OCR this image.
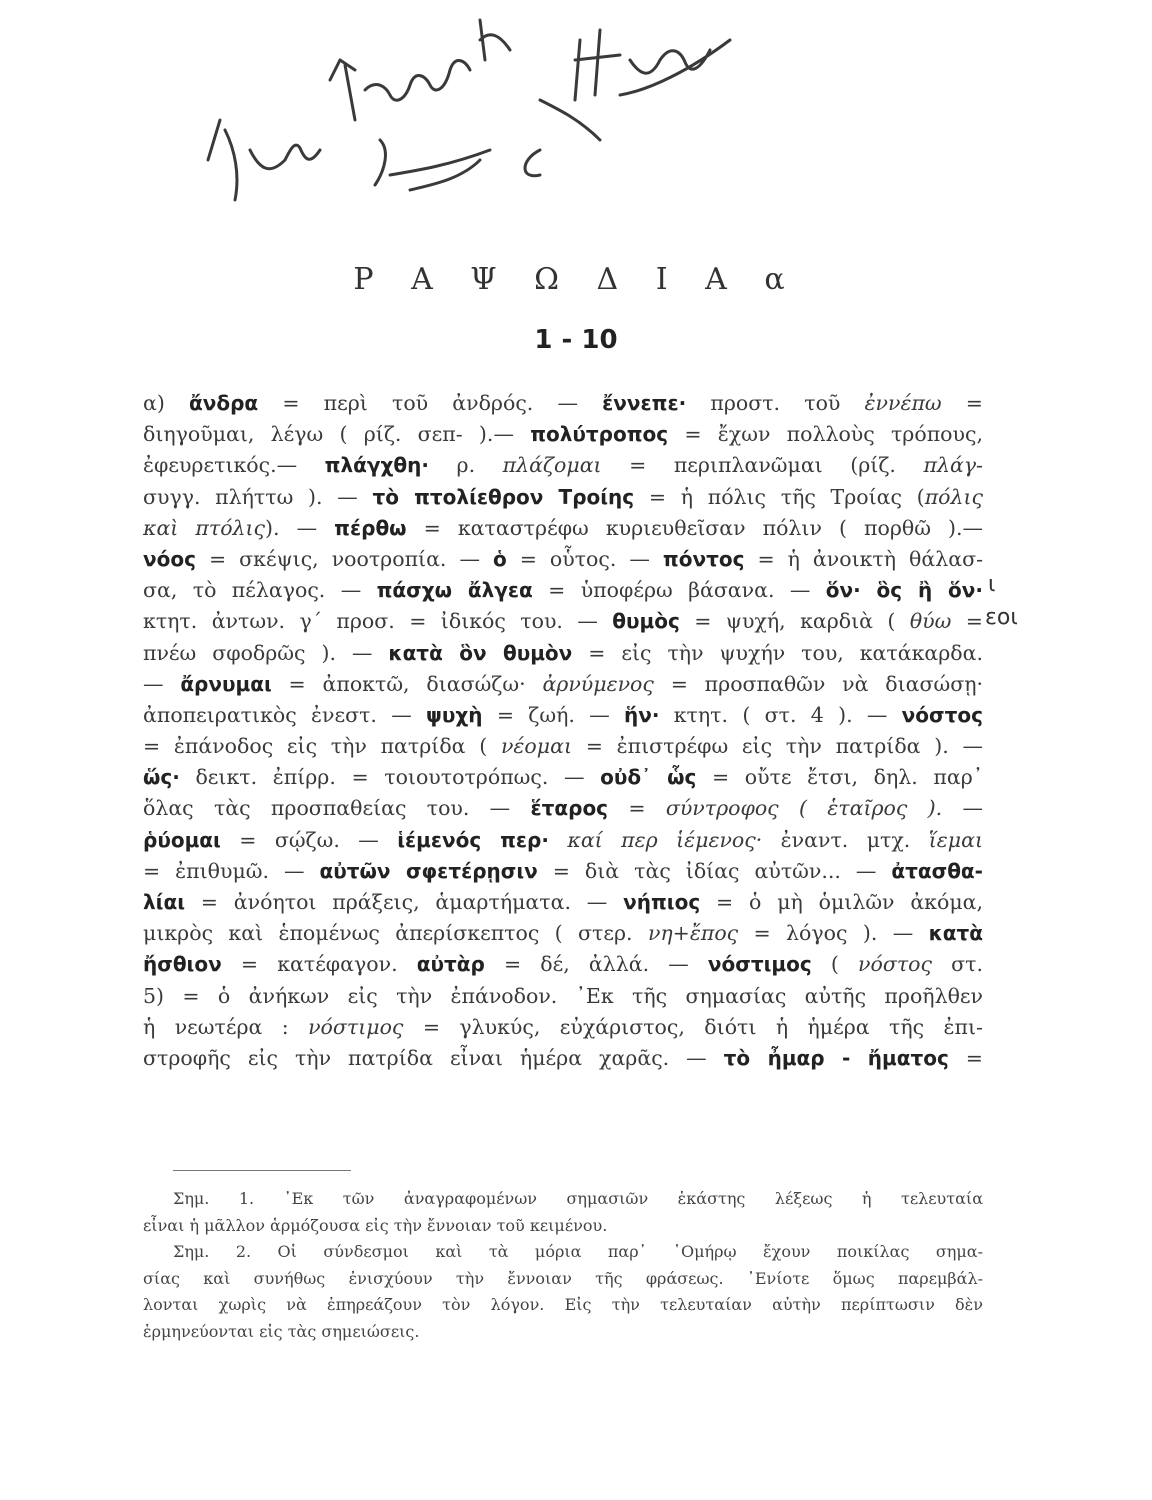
Ρ Α Ψ Ω Δ Ι Α α
1 - 10
α) ἄνδρα = περὶ τοῦ ἀνδρός. — ἔννεπε· προστ. τοῦ ἐννέπω =
διηγοῦμαι, λέγω ( ρίζ. σεπ- ).— πολύτροπος = ἔχων πολλοὺς τρόπους,
ἐφευρετικός.— πλάγχθη· ρ. πλάζομαι = περιπλανῶμαι (ρίζ. πλάγ-
συγγ. πλήττω ). — τὸ πτολίεθρον Τροίης = ἡ πόλις τῆς Τροίας (πόλις
καὶ πτόλις). — πέρθω = καταστρέφω κυριευθεῖσαν πόλιν ( πορθῶ ).—
νόος = σκέψις, νοοτροπία. — ὁ = οὗτος. — πόντος = ἡ ἀνοικτὴ θάλασ-
σα, τὸ πέλαγος. — πάσχω ἄλγεα = ὑποφέρω βάσανα. — ὅν· ὃς ἢ ὅν·
κτητ. ἀντων. γ΄ προσ. = ἰδικός του. — θυμὸς = ψυχή, καρδιὰ ( θύω =
πνέω σφοδρῶς ). — κατὰ ὃν θυμὸν = εἰς τὴν ψυχήν του, κατάκαρδα.
— ἄρνυμαι = ἀποκτῶ, διασώζω· ἀρνύμενος = προσπαθῶν νὰ διασώσῃ·
ἀποπειρατικὸς ἐνεστ. — ψυχὴ = ζωή. — ἥν· κτητ. ( στ. 4 ). — νόστος
= ἐπάνοδος εἰς τὴν πατρίδα ( νέομαι = ἐπιστρέφω εἰς τὴν πατρίδα ). —
ὥς· δεικτ. ἐπίρρ. = τοιουτοτρόπως. — οὐδ᾽ ὧς = οὔτε ἔτσι, δηλ. παρ᾽
ὅλας τὰς προσπαθείας του. — ἕταρος = σύντροφος ( ἑταῖρος ). —
ῥύομαι = σῴζω. — ἱέμενός περ· καί περ ἱέμενος· ἐναντ. μτχ. ἵεμαι
= ἐπιθυμῶ. — αὐτῶν σφετέρῃσιν = διὰ τὰς ἰδίας αὐτῶν... — ἀτασθα-
λίαι = ἀνόητοι πράξεις, ἁμαρτήματα. — νήπιος = ὁ μὴ ὁμιλῶν ἀκόμα,
μικρὸς καὶ ἑπομένως ἀπερίσκεπτος ( στερ. νη+ἔπος = λόγος ). — κατὰ
ἤσθιον = κατέφαγον. αὐτὰρ = δέ, ἀλλά. — νόστιμος ( νόστος στ.
5) = ὁ ἀνήκων εἰς τὴν ἐπάνοδον. ᾽Εκ τῆς σημασίας αὐτῆς προῆλθεν
ἡ νεωτέρα : νόστιμος = γλυκύς, εὐχάριστος, διότι ἡ ἡμέρα τῆς ἐπι-
στροφῆς εἰς τὴν πατρίδα εἶναι ἡμέρα χαρᾶς. — τὸ ἦμαρ - ἤματος =
ι
εοι
Σημ. 1. ᾽Εκ τῶν ἀναγραφομένων σημασιῶν ἑκάστης λέξεως ἡ τελευταία
εἶναι ἡ μᾶλλον ἁρμόζουσα εἰς τὴν ἔννοιαν τοῦ κειμένου.
Σημ. 2. Οἱ σύνδεσμοι καὶ τὰ μόρια παρ᾽ ῾Ομήρῳ ἔχουν ποικίλας σημα-
σίας καὶ συνήθως ἐνισχύουν τὴν ἔννοιαν τῆς φράσεως. ᾽Ενίοτε ὅμως παρεμβάλ-
λονται χωρὶς νὰ ἐπηρεάζουν τὸν λόγον. Εἰς τὴν τελευταίαν αὐτὴν περίπτωσιν δὲν
ἑρμηνεύονται εἰς τὰς σημειώσεις.
